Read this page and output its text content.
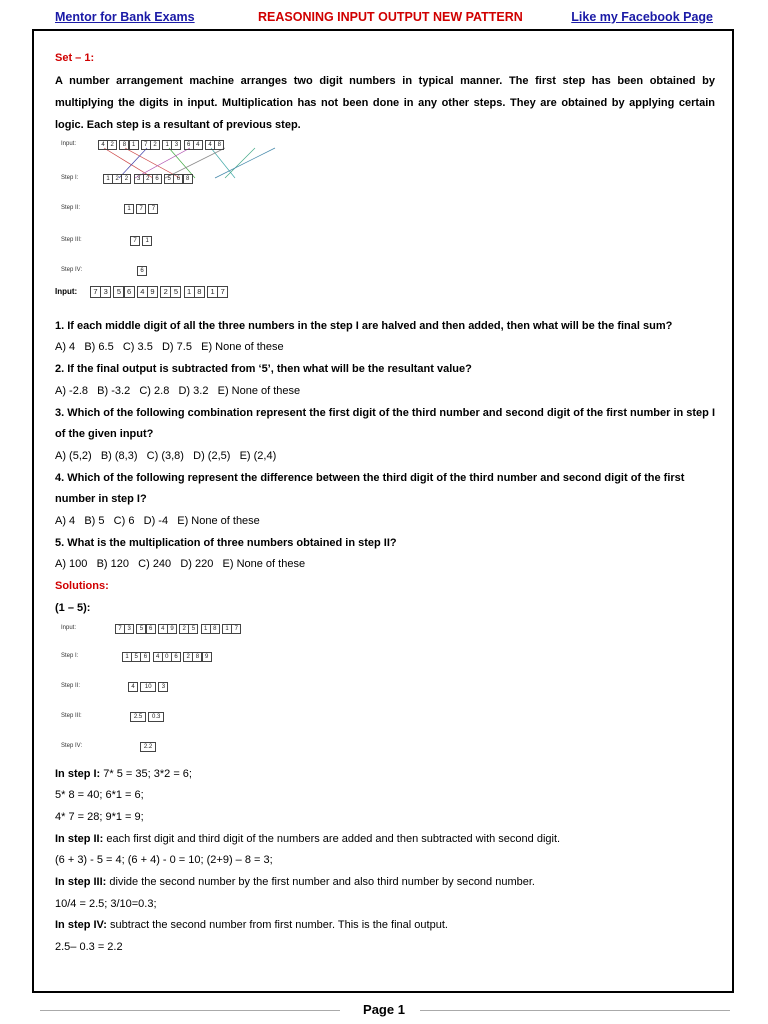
Mentor for Bank Exams	REASONING INPUT OUTPUT NEW PATTERN	Like my Facebook Page
Set – 1:
A number arrangement machine arranges two digit numbers in typical manner. The first step has been obtained by multiplying the digits in input. Multiplication has not been done in any other steps. They are obtained by applying certain logic. Each step is a resultant of previous step.
Input:	4 2	8 1	7 2	1 3	6 4	4 8
Step I:	1 2 2	3 2 6	5 6 8
Step II:	1	7	7
Step III:	7	1
Step IV:	6
Input:	7 3	5 6	4 9	2 5	1 8	1 7
1. If each middle digit of all the three numbers in the step I are halved and then added, then what will be the final sum?
A) 4   B) 6.5   C) 3.5   D) 7.5   E) None of these
2. If the final output is subtracted from ‘5’, then what will be the resultant value?
A) -2.8   B) -3.2   C) 2.8   D) 3.2   E) None of these
3. Which of the following combination represent the first digit of the third number and second digit of the first number in step I of the given input?
A) (5,2)   B) (8,3)   C) (3,8)   D) (2,5)   E) (2,4)
4. Which of the following represent the difference between the third digit of the third number and second digit of the first number in step I?
A) 4   B) 5   C) 6   D) -4   E) None of these
5. What is the multiplication of three numbers obtained in step II?
A) 100   B) 120   C) 240   D) 220   E) None of these
Solutions:
(1 – 5):
Input:	7 3	5 6	4 9	2 5	1 8	1 7
Step I:	1 5 6	4 0 6	2 8 9
Step II:	4	10	3
Step III:	2.5	0.3
Step IV:	2.2
In step I: 7* 5 = 35; 3*2 = 6;
5* 8 = 40; 6*1 = 6;
4* 7 = 28; 9*1 = 9;
In step II: each first digit and third digit of the numbers are added and then subtracted with second digit.
(6 + 3) - 5 = 4; (6 + 4) - 0 = 10; (2+9) – 8 = 3;
In step III: divide the second number by the first number and also third number by second number.
10/4 = 2.5; 3/10=0.3;
In step IV: subtract the second number from first number. This is the final output.
2.5– 0.3 = 2.2
Page 1
